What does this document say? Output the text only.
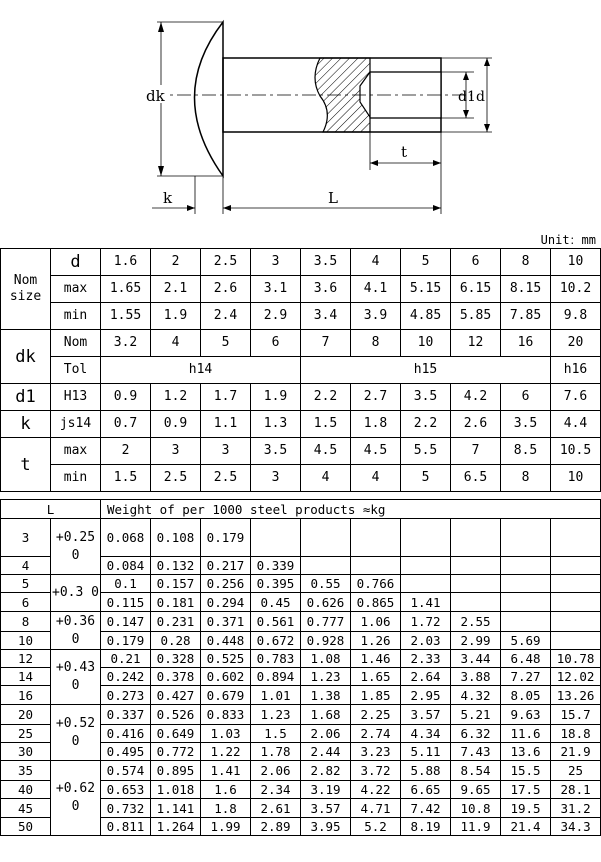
dk	d1 d
t
k	L
Unit：mm
Nom size	d	1.6	2	2.5	3	3.5	4	5	6	8	10
	max	1.65	2.1	2.6	3.1	3.6	4.1	5.15	6.15	8.15	10.2
	min	1.55	1.9	2.4	2.9	3.4	3.9	4.85	5.85	7.85	9.8
dk	Nom	3.2	4	5	6	7	8	10	12	16	20
	Tol	h14				h15					h16
d1	H13	0.9	1.2	1.7	1.9	2.2	2.7	3.5	4.2	6	7.6
k	js14	0.7	0.9	1.1	1.3	1.5	1.8	2.2	2.6	3.5	4.4
t	max	2	3	3	3.5	4.5	4.5	5.5	7	8.5	10.5
	min	1.5	2.5	2.5	3	4	4	5	6.5	8	10
L		Weight of per 1000 steel products ≈kg									
3	+0.25 0	0.068	0.108	0.179							
4		0.084	0.132	0.217	0.339						
5	+0.3 0	0.1	0.157	0.256	0.395	0.55	0.766				
6		0.115	0.181	0.294	0.45	0.626	0.865	1.41			
8	+0.36 0	0.147	0.231	0.371	0.561	0.777	1.06	1.72	2.55		
10		0.179	0.28	0.448	0.672	0.928	1.26	2.03	2.99	5.69	
12	+0.43 0	0.21	0.328	0.525	0.783	1.08	1.46	2.33	3.44	6.48	10.78
14		0.242	0.378	0.602	0.894	1.23	1.65	2.64	3.88	7.27	12.02
16		0.273	0.427	0.679	1.01	1.38	1.85	2.95	4.32	8.05	13.26
20	+0.52 0	0.337	0.526	0.833	1.23	1.68	2.25	3.57	5.21	9.63	15.7
25		0.416	0.649	1.03	1.5	2.06	2.74	4.34	6.32	11.6	18.8
30		0.495	0.772	1.22	1.78	2.44	3.23	5.11	7.43	13.6	21.9
35	+0.62 0	0.574	0.895	1.41	2.06	2.82	3.72	5.88	8.54	15.5	25
40		0.653	1.018	1.6	2.34	3.19	4.22	6.65	9.65	17.5	28.1
45		0.732	1.141	1.8	2.61	3.57	4.71	7.42	10.8	19.5	31.2
50		0.811	1.264	1.99	2.89	3.95	5.2	8.19	11.9	21.4	34.3
